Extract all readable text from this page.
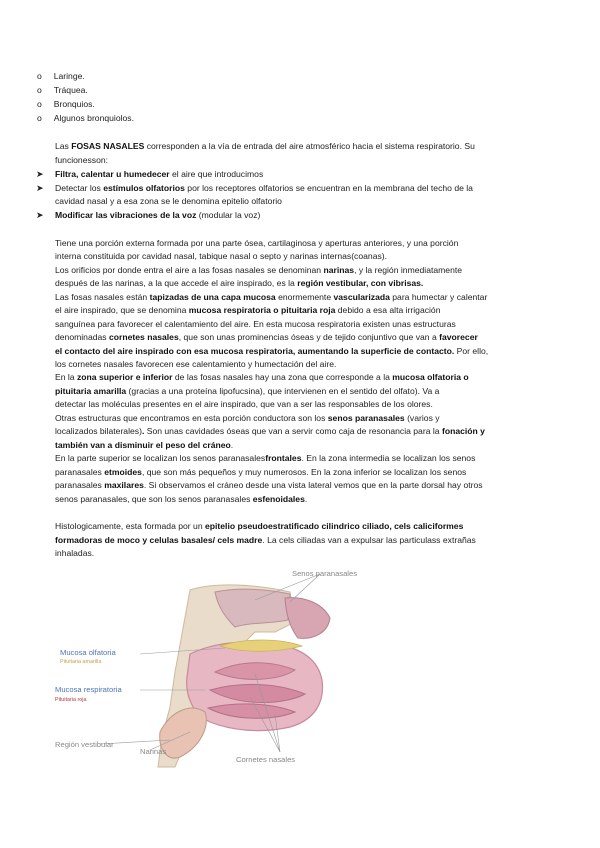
o     Laringe.
o     Tráquea.
o     Bronquios.
o     Algunos bronquiolos.
Las FOSAS NASALES corresponden a la vía de entrada del aire atmosférico hacia el sistema respiratorio. Su
funcionesson:
➤ Filtra, calentar u humedecer el aire que introducimos
➤ Detectar los estímulos olfatorios por los receptores olfatorios se encuentran en la membrana del techo de la
cavidad nasal y a esa zona se le denomina epitelio olfatorio
➤ Modificar las vibraciones de la voz (modular la voz)
Tiene una porción externa formada por una parte ósea, cartilaginosa y aperturas anteriores, y una porción
interna constituida por cavidad nasal, tabique nasal o septo y narinas internas(coanas).
Los orificios por donde entra el aire a las fosas nasales se denominan narinas, y la región inmediatamente
después de las narinas, a la que accede el aire inspirado, es la región vestibular, con vibrisas.
Las fosas nasales están tapizadas de una capa mucosa enormemente vascularizada para humectar y calentar
el aire inspirado, que se denomina mucosa respiratoria o pituitaria roja debido a esa alta irrigación
sanguínea para favorecer el calentamiento del aire. En esta mucosa respiratoria existen unas estructuras
denominadas cornetes nasales, que son unas prominencias óseas y de tejido conjuntivo que van a favorecer
el contacto del aire inspirado con esa mucosa respiratoria, aumentando la superficie de contacto. Por ello,
los cornetes nasales favorecen ese calentamiento y humectación del aire.
En la zona superior e inferior de las fosas nasales hay una zona que corresponde a la mucosa olfatoria o
pituitaria amarilla (gracias a una proteína lipofucsina), que intervienen en el sentido del olfato). Va a
detectar las moléculas presentes en el aire inspirado, que van a ser las responsables de los olores.
Otras estructuras que encontramos en esta porción conductora son los senos paranasales (varios y
localizados bilaterales). Son unas cavidades óseas que van a servir como caja de resonancia para la fonación y
también van a disminuir el peso del cráneo.
En la parte superior se localizan los senos paranasalesfrontales. En la zona intermedia se localizan los senos
paranasales etmoides, que son más pequeños y muy numerosos. En la zona inferior se localizan los senos
paranasales maxilares. Si observamos el cráneo desde una vista lateral vemos que en la parte dorsal hay otros
senos paranasales, que son los senos paranasales esfenoidales.
Histologicamente, esta formada por un epitelio pseudoestratificado cilindrico ciliado, cels caliciformes
formadoras de moco y celulas basales/ cels madre. La cels ciliadas van a expulsar las particulass extrañas
inhaladas.
Senos paranasales
Mucosa olfatoria
Pituitaria amarilla
Mucosa respiratoria
Pituitaria roja
Región vestibular
Narinas
Cornetes nasales
